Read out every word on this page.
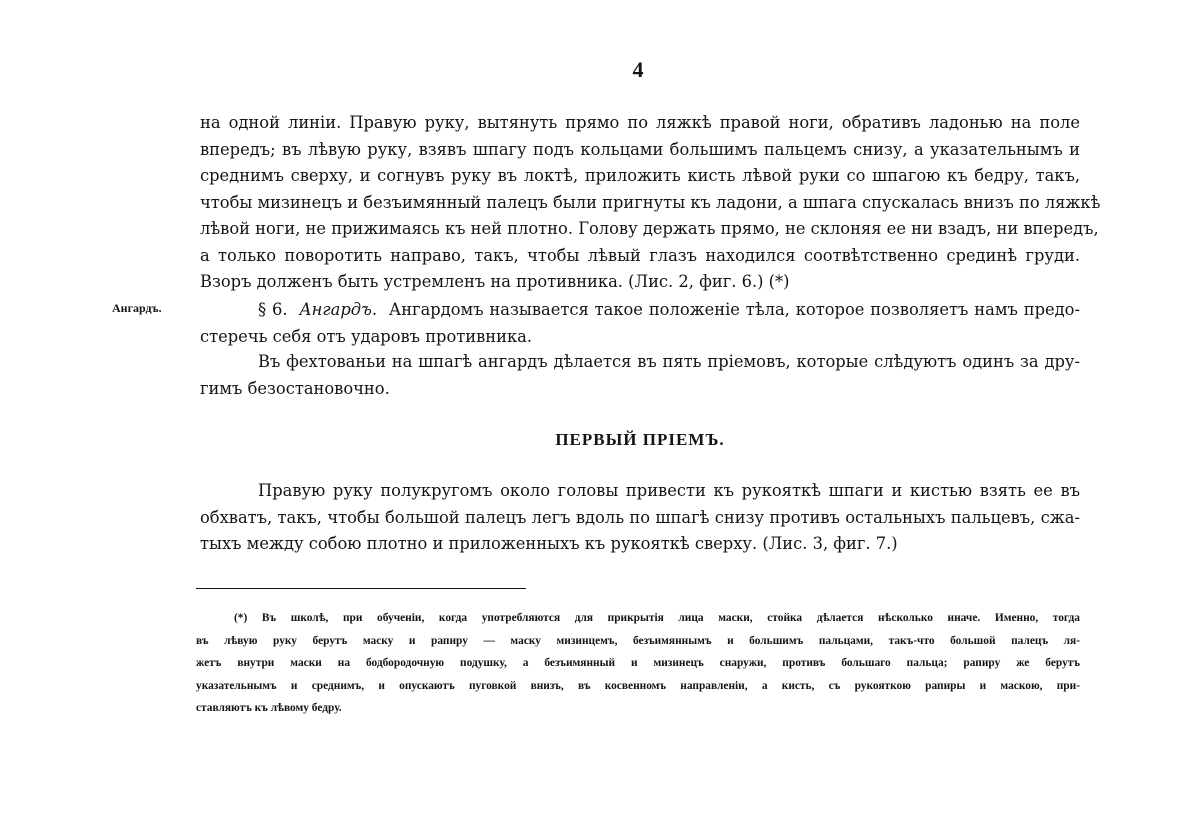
4
на одной линіи. Правую руку, вытянуть прямо по ляжкѣ правой ноги, обративъ ладонью на поле
впередъ; въ лѣвую руку, взявъ шпагу подъ кольцами большимъ пальцемъ снизу, а указательнымъ и
среднимъ сверху, и согнувъ руку въ локтѣ, приложить кисть лѣвой руки со шпагою къ бедру, такъ,
чтобы мизинецъ и безъимянный палецъ были пригнуты къ ладони, а шпага спускалась внизъ по ляжкѣ
лѣвой ноги, не прижимаясь къ ней плотно. Голову держать прямо, не склоняя ее ни взадъ, ни впередъ,
а только поворотить направо, такъ, чтобы лѣвый глазъ находился соотвѣтственно срединѣ груди.
Взоръ долженъ быть устремленъ на противника. (Лис. 2, фиг. 6.) (*)
Ангардъ.	§ 6. Ангардъ. Ангардомъ называется такое положеніе тѣла, которое позволяетъ намъ предо-
стеречь себя отъ ударовъ противника.
Въ фехтованьи на шпагѣ ангардъ дѣлается въ пять пріемовъ, которые слѣдуютъ одинъ за дру-
гимъ безостановочно.
ПЕРВЫЙ ПРІЕМЪ.
Правую руку полукругомъ около головы привести къ рукояткѣ шпаги и кистью взять ее въ
обхватъ, такъ, чтобы большой палецъ легъ вдоль по шпагѣ снизу противъ остальныхъ пальцевъ, сжа-
тыхъ между собою плотно и приложенныхъ къ рукояткѣ сверху. (Лис. 3, фиг. 7.)
(*) Въ школѣ, при обученіи, когда употребляются для прикрытія лица маски, стойка дѣлается нѣсколько иначе. Именно, тогда
въ лѣвую руку берутъ маску и рапиру — маску мизинцемъ, безъимяннымъ и большимъ пальцами, такъ-что большой палецъ ля-
жетъ внутри маски на бодбородочную подушку, а безъимянный и мизинецъ снаружи, противъ большаго пальца; рапиру же берутъ
указательнымъ и среднимъ, и опускаютъ пуговкой внизъ, въ косвенномъ направленіи, а кисть, съ рукояткою рапиры и маскою, при-
ставляютъ къ лѣвому бедру.
